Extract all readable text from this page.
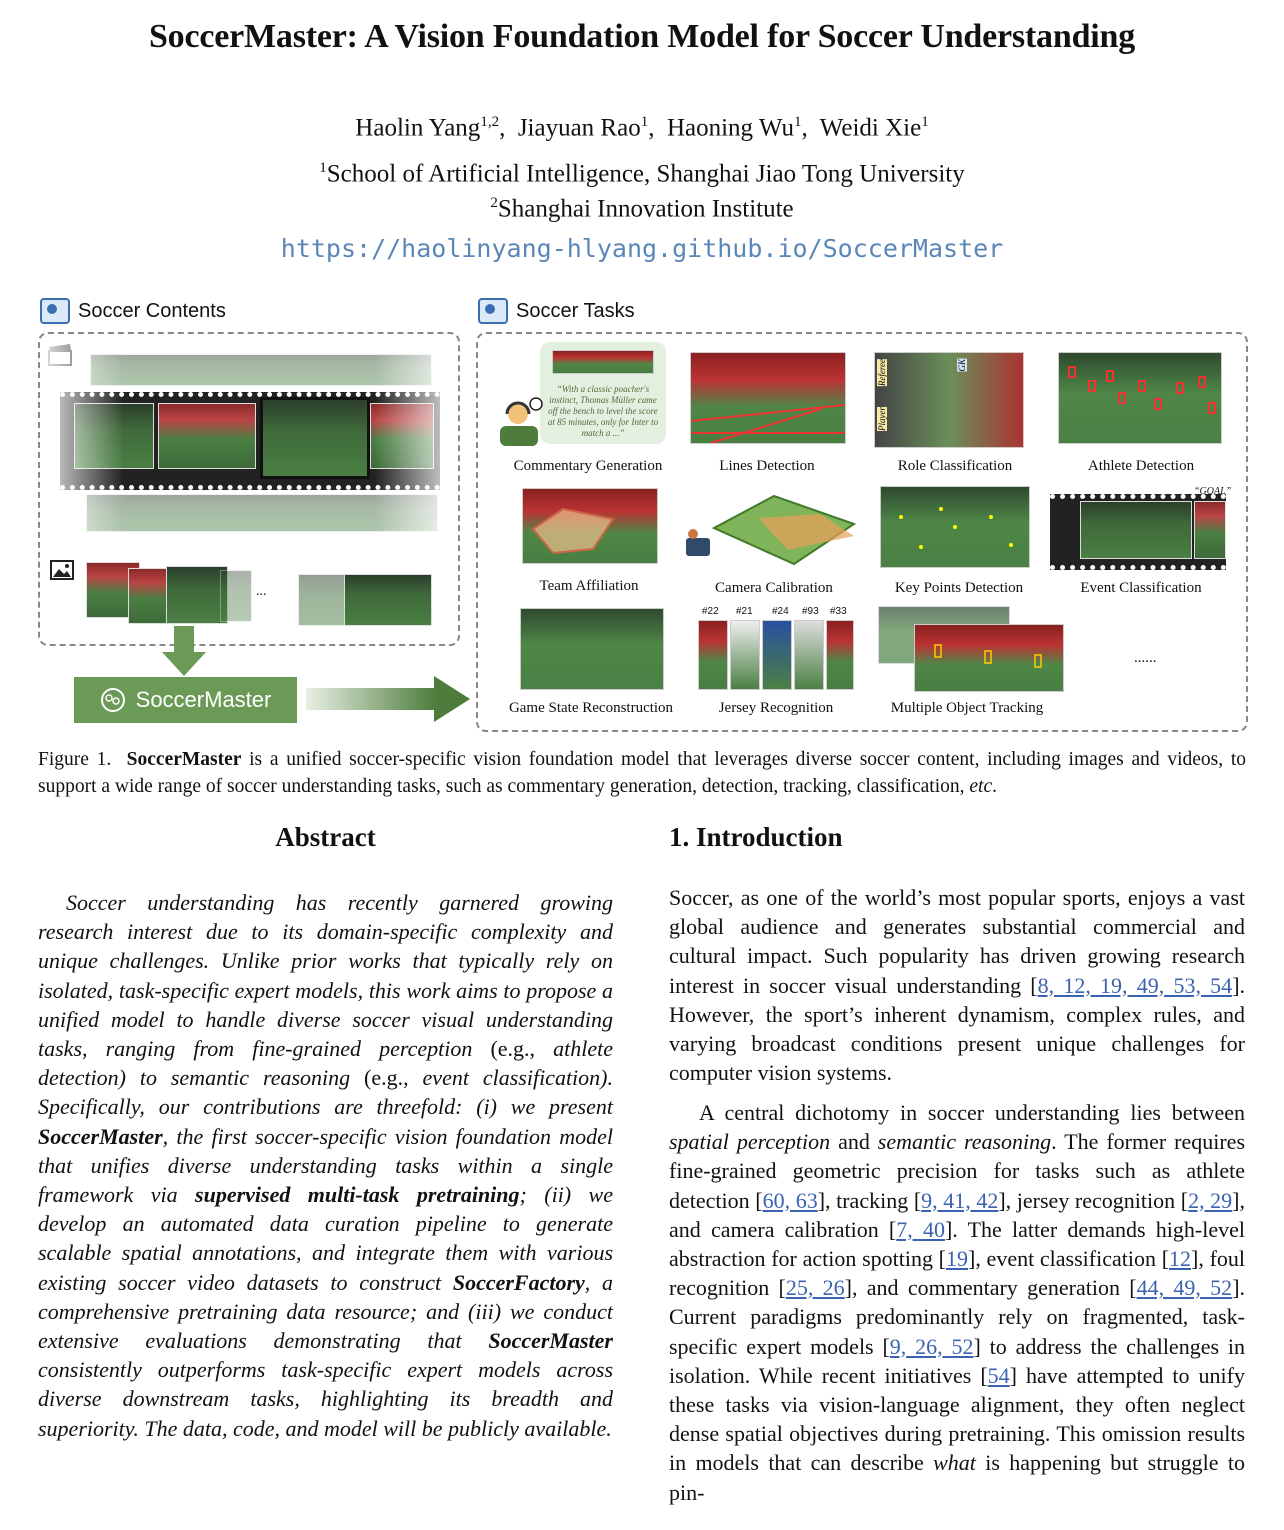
SoccerMaster: A Vision Foundation Model for Soccer Understanding
Haolin Yang$^{1,2}$,  Jiayuan Rao$^1$,  Haoning Wu$^1$,  Weidi Xie$^1$
$^1$School of Artificial Intelligence, Shanghai Jiao Tong University
$^2$Shanghai Innovation Institute
https://haolinyang-hlyang.github.io/SoccerMaster
Soccer Contents	Soccer Tasks
...
SoccerMaster
“With a classic poacher's instinct, Thomas Müller came off the bench to level the score at 85 minutes, only for Inter to match a ...”
Referee	GK
Player
Commentary Generation	Lines Detection	Role Classification	Athlete Detection
“GOAL”
Team Affiliation	Camera Calibration	Key Points Detection	Event Classification
#22 #21 #24 #93 #33
......
Game State Reconstruction	Jersey Recognition	Multiple Object Tracking
Figure 1. SoccerMaster is a unified soccer-specific vision foundation model that leverages diverse soccer content, including images and videos, to support a wide range of soccer understanding tasks, such as commentary generation, detection, tracking, classification, etc.
Abstract
Soccer understanding has recently garnered growing research interest due to its domain-specific complexity and unique challenges. Unlike prior works that typically rely on isolated, task-specific expert models, this work aims to propose a unified model to handle diverse soccer visual understanding tasks, ranging from fine-grained perception (e.g., athlete detection) to semantic reasoning (e.g., event classification). Specifically, our contributions are threefold: (i) we present SoccerMaster, the first soccer-specific vision foundation model that unifies diverse understanding tasks within a single framework via supervised multi-task pretraining; (ii) we develop an automated data curation pipeline to generate scalable spatial annotations, and integrate them with various existing soccer video datasets to construct SoccerFactory, a comprehensive pretraining data resource; and (iii) we conduct extensive evaluations demonstrating that SoccerMaster consistently outperforms task-specific expert models across diverse downstream tasks, highlighting its breadth and superiority. The data, code, and model will be publicly available.
1. Introduction
Soccer, as one of the world’s most popular sports, enjoys a vast global audience and generates substantial commercial and cultural impact. Such popularity has driven growing research interest in soccer visual understanding [8, 12, 19, 49, 53, 54]. However, the sport’s inherent dynamism, complex rules, and varying broadcast conditions present unique challenges for computer vision systems.
A central dichotomy in soccer understanding lies between spatial perception and semantic reasoning. The former requires fine-grained geometric precision for tasks such as athlete detection [60, 63], tracking [9, 41, 42], jersey recognition [2, 29], and camera calibration [7, 40]. The latter demands high-level abstraction for action spotting [19], event classification [12], foul recognition [25, 26], and commentary generation [44, 49, 52]. Current paradigms predominantly rely on fragmented, task-specific expert models [9, 26, 52] to address the challenges in isolation. While recent initiatives [54] have attempted to unify these tasks via vision-language alignment, they often neglect dense spatial objectives during pretraining. This omission results in models that can describe what is happening but struggle to pin-
